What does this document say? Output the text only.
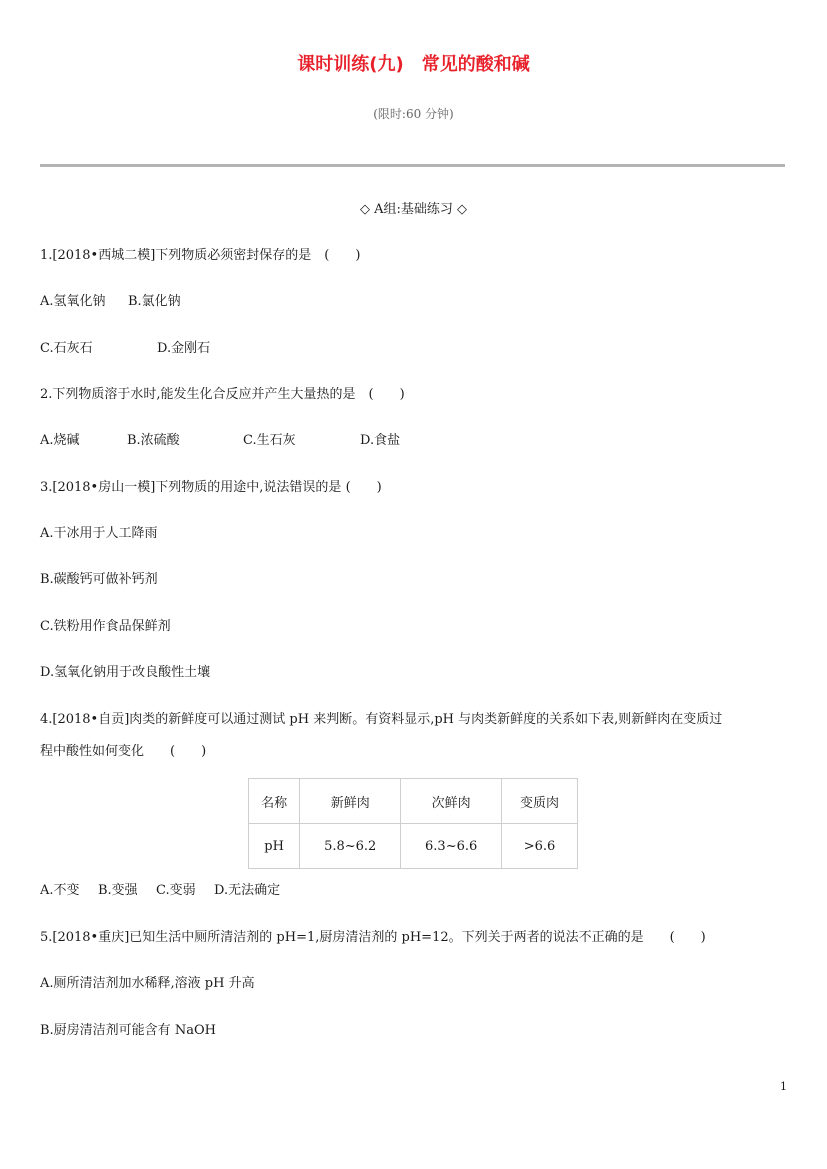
课时训练(九)　常见的酸和碱
(限时:60 分钟)
◇ A组:基础练习 ◇
1.[2018•西城二模]下列物质必须密封保存的是　(　　)
A.氢氧化钠 B.氯化钠
C.石灰石	D.金刚石
2.下列物质溶于水时,能发生化合反应并产生大量热的是　(　　)
A.烧碱	B.浓硫酸	C.生石灰	D.食盐
3.[2018•房山一模]下列物质的用途中,说法错误的是 (　　)
A.干冰用于人工降雨
B.碳酸钙可做补钙剂
C.铁粉用作食品保鲜剂
D.氢氧化钠用于改良酸性土壤
4.[2018•自贡]肉类的新鲜度可以通过测试 pH 来判断。有资料显示,pH 与肉类新鲜度的关系如下表,则新鲜肉在变质过
程中酸性如何变化　　(　　)
名称	新鲜肉	次鲜肉	变质肉
pH	5.8~6.2	6.3~6.6	>6.6
A.不变 B.变强 C.变弱 D.无法确定
5.[2018•重庆]已知生活中厕所清洁剂的 pH=1,厨房清洁剂的 pH=12。下列关于两者的说法不正确的是　　(　　)
A.厕所清洁剂加水稀释,溶液 pH 升高
B.厨房清洁剂可能含有 NaOH
1
